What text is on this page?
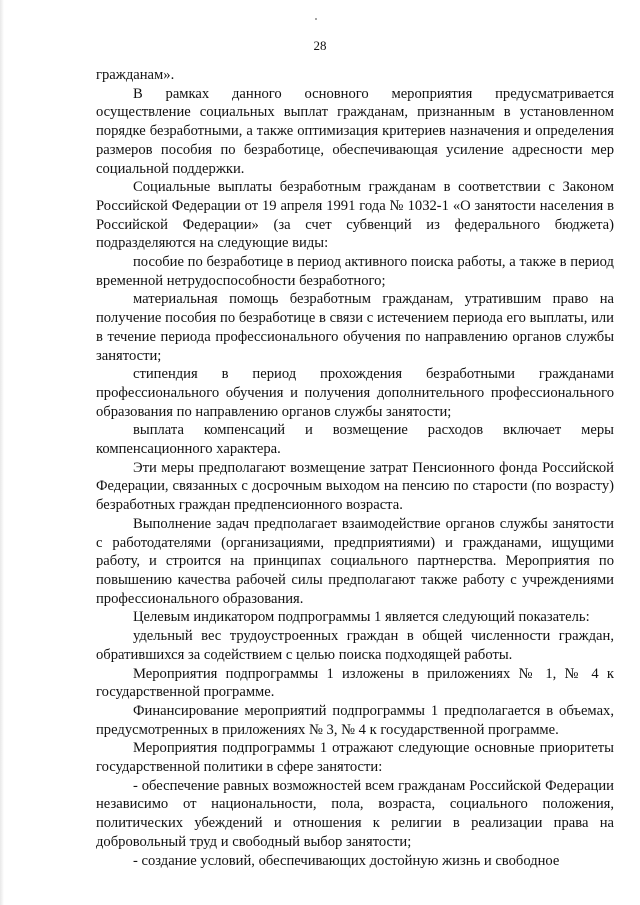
28

гражданам».

В рамках данного основного мероприятия предусматривается осуществление социальных выплат гражданам, признанным в установленном порядке безработными, а также оптимизация критериев назначения и определения размеров пособия по безработице, обеспечивающая усиление адресности мер социальной поддержки.

Социальные выплаты безработным гражданам в соответствии с Законом Российской Федерации от 19 апреля 1991 года № 1032-1 «О занятости населения в Российской Федерации» (за счет субвенций из федерального бюджета) подразделяются на следующие виды:

пособие по безработице в период активного поиска работы, а также в период временной нетрудоспособности безработного;

материальная помощь безработным гражданам, утратившим право на получение пособия по безработице в связи с истечением периода его выплаты, или в течение периода профессионального обучения по направлению органов службы занятости;

стипендия в период прохождения безработными гражданами профессионального обучения и получения дополнительного профессионального образования по направлению органов службы занятости;

выплата компенсаций и возмещение расходов включает меры компенсационного характера.

Эти меры предполагают возмещение затрат Пенсионного фонда Российской Федерации, связанных с досрочным выходом на пенсию по старости (по возрасту) безработных граждан предпенсионного возраста.

Выполнение задач предполагает взаимодействие органов службы занятости с работодателями (организациями, предприятиями) и гражданами, ищущими работу, и строится на принципах социального партнерства. Мероприятия по повышению качества рабочей силы предполагают также работу с учреждениями профессионального образования.

Целевым индикатором подпрограммы 1 является следующий показатель:

удельный вес трудоустроенных граждан в общей численности граждан, обратившихся за содействием с целью поиска подходящей работы.

Мероприятия подпрограммы 1 изложены в приложениях № 1, № 4 к государственной программе.

Финансирование мероприятий подпрограммы 1 предполагается в объемах, предусмотренных в приложениях № 3, № 4 к государственной программе.

Мероприятия подпрограммы 1 отражают следующие основные приоритеты государственной политики в сфере занятости:

- обеспечение равных возможностей всем гражданам Российской Федерации независимо от национальности, пола, возраста, социального положения, политических убеждений и отношения к религии в реализации права на добровольный труд и свободный выбор занятости;

- создание условий, обеспечивающих достойную жизнь и свободное
